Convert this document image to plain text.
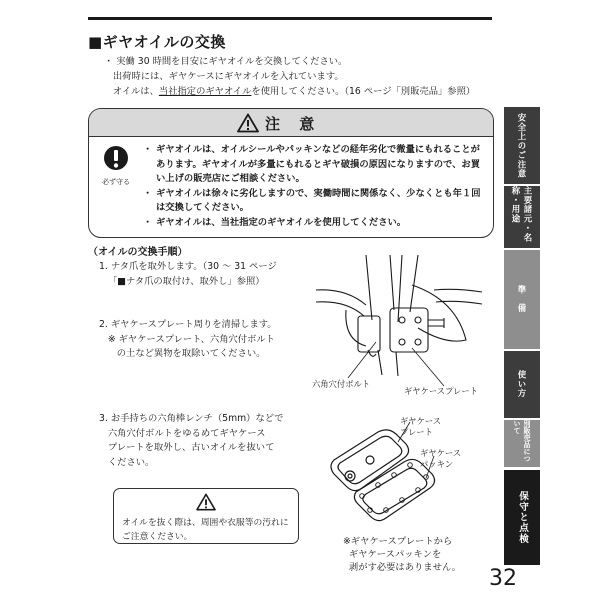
■ギヤオイルの交換
・ 実働 30 時間を目安にギヤオイルを交換してください。
出荷時には、ギヤケースにギヤオイルを入れています。
オイルは、当社指定のギヤオイルを使用してください。（16 ページ「別販売品」参照）
注 意
必ず守る

・ ギヤオイルは、オイルシールやパッキンなどの経年劣化で微量にもれることがあります。ギヤオイルが多量にもれるとギヤ破損の原因になりますので、お買い上げの販売店にご相談ください。

・ ギヤオイルは徐々に劣化しますので、実働時間に関係なく、少なくとも年１回は交換してください。

・ ギヤオイルは、当社指定のギヤオイルを使用してください。

（オイルの交換手順）
1. ナタ爪を取外します。（30 ～ 31 ページ
「■ナタ爪の取付け、取外し」参照）
2. ギヤケースプレート周りを清掃します。
※ ギヤケースプレート、六角穴付ボルト
の土など異物を取除いてください。
3. お手持ちの六角棒レンチ（5mm）などで
六角穴付ボルトをゆるめてギヤケース
プレートを取外し、古いオイルを抜いて
ください。
六角穴付ボルト
ギヤケースプレート
ギヤケース
プレート
ギヤケース
パッキン
オイルを抜く際は、周囲や衣服等の汚れに
ご注意ください。	※ギヤケースプレートから
ギヤケースパッキンを
剥がす必要はありません。 32
安全上のご注意
主要諸元・名称・用途
準　備
使い方
別販売品について
保守と点検
